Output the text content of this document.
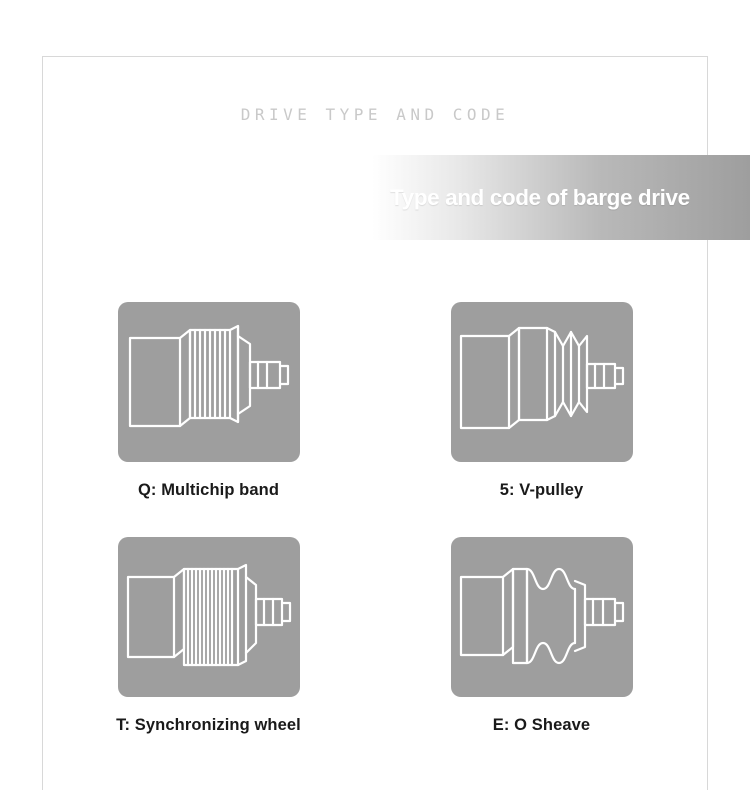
DRIVE TYPE AND CODE
Type and code of barge drive
Q: Multichip band	5: V-pulley
T: Synchronizing wheel	E: O Sheave
